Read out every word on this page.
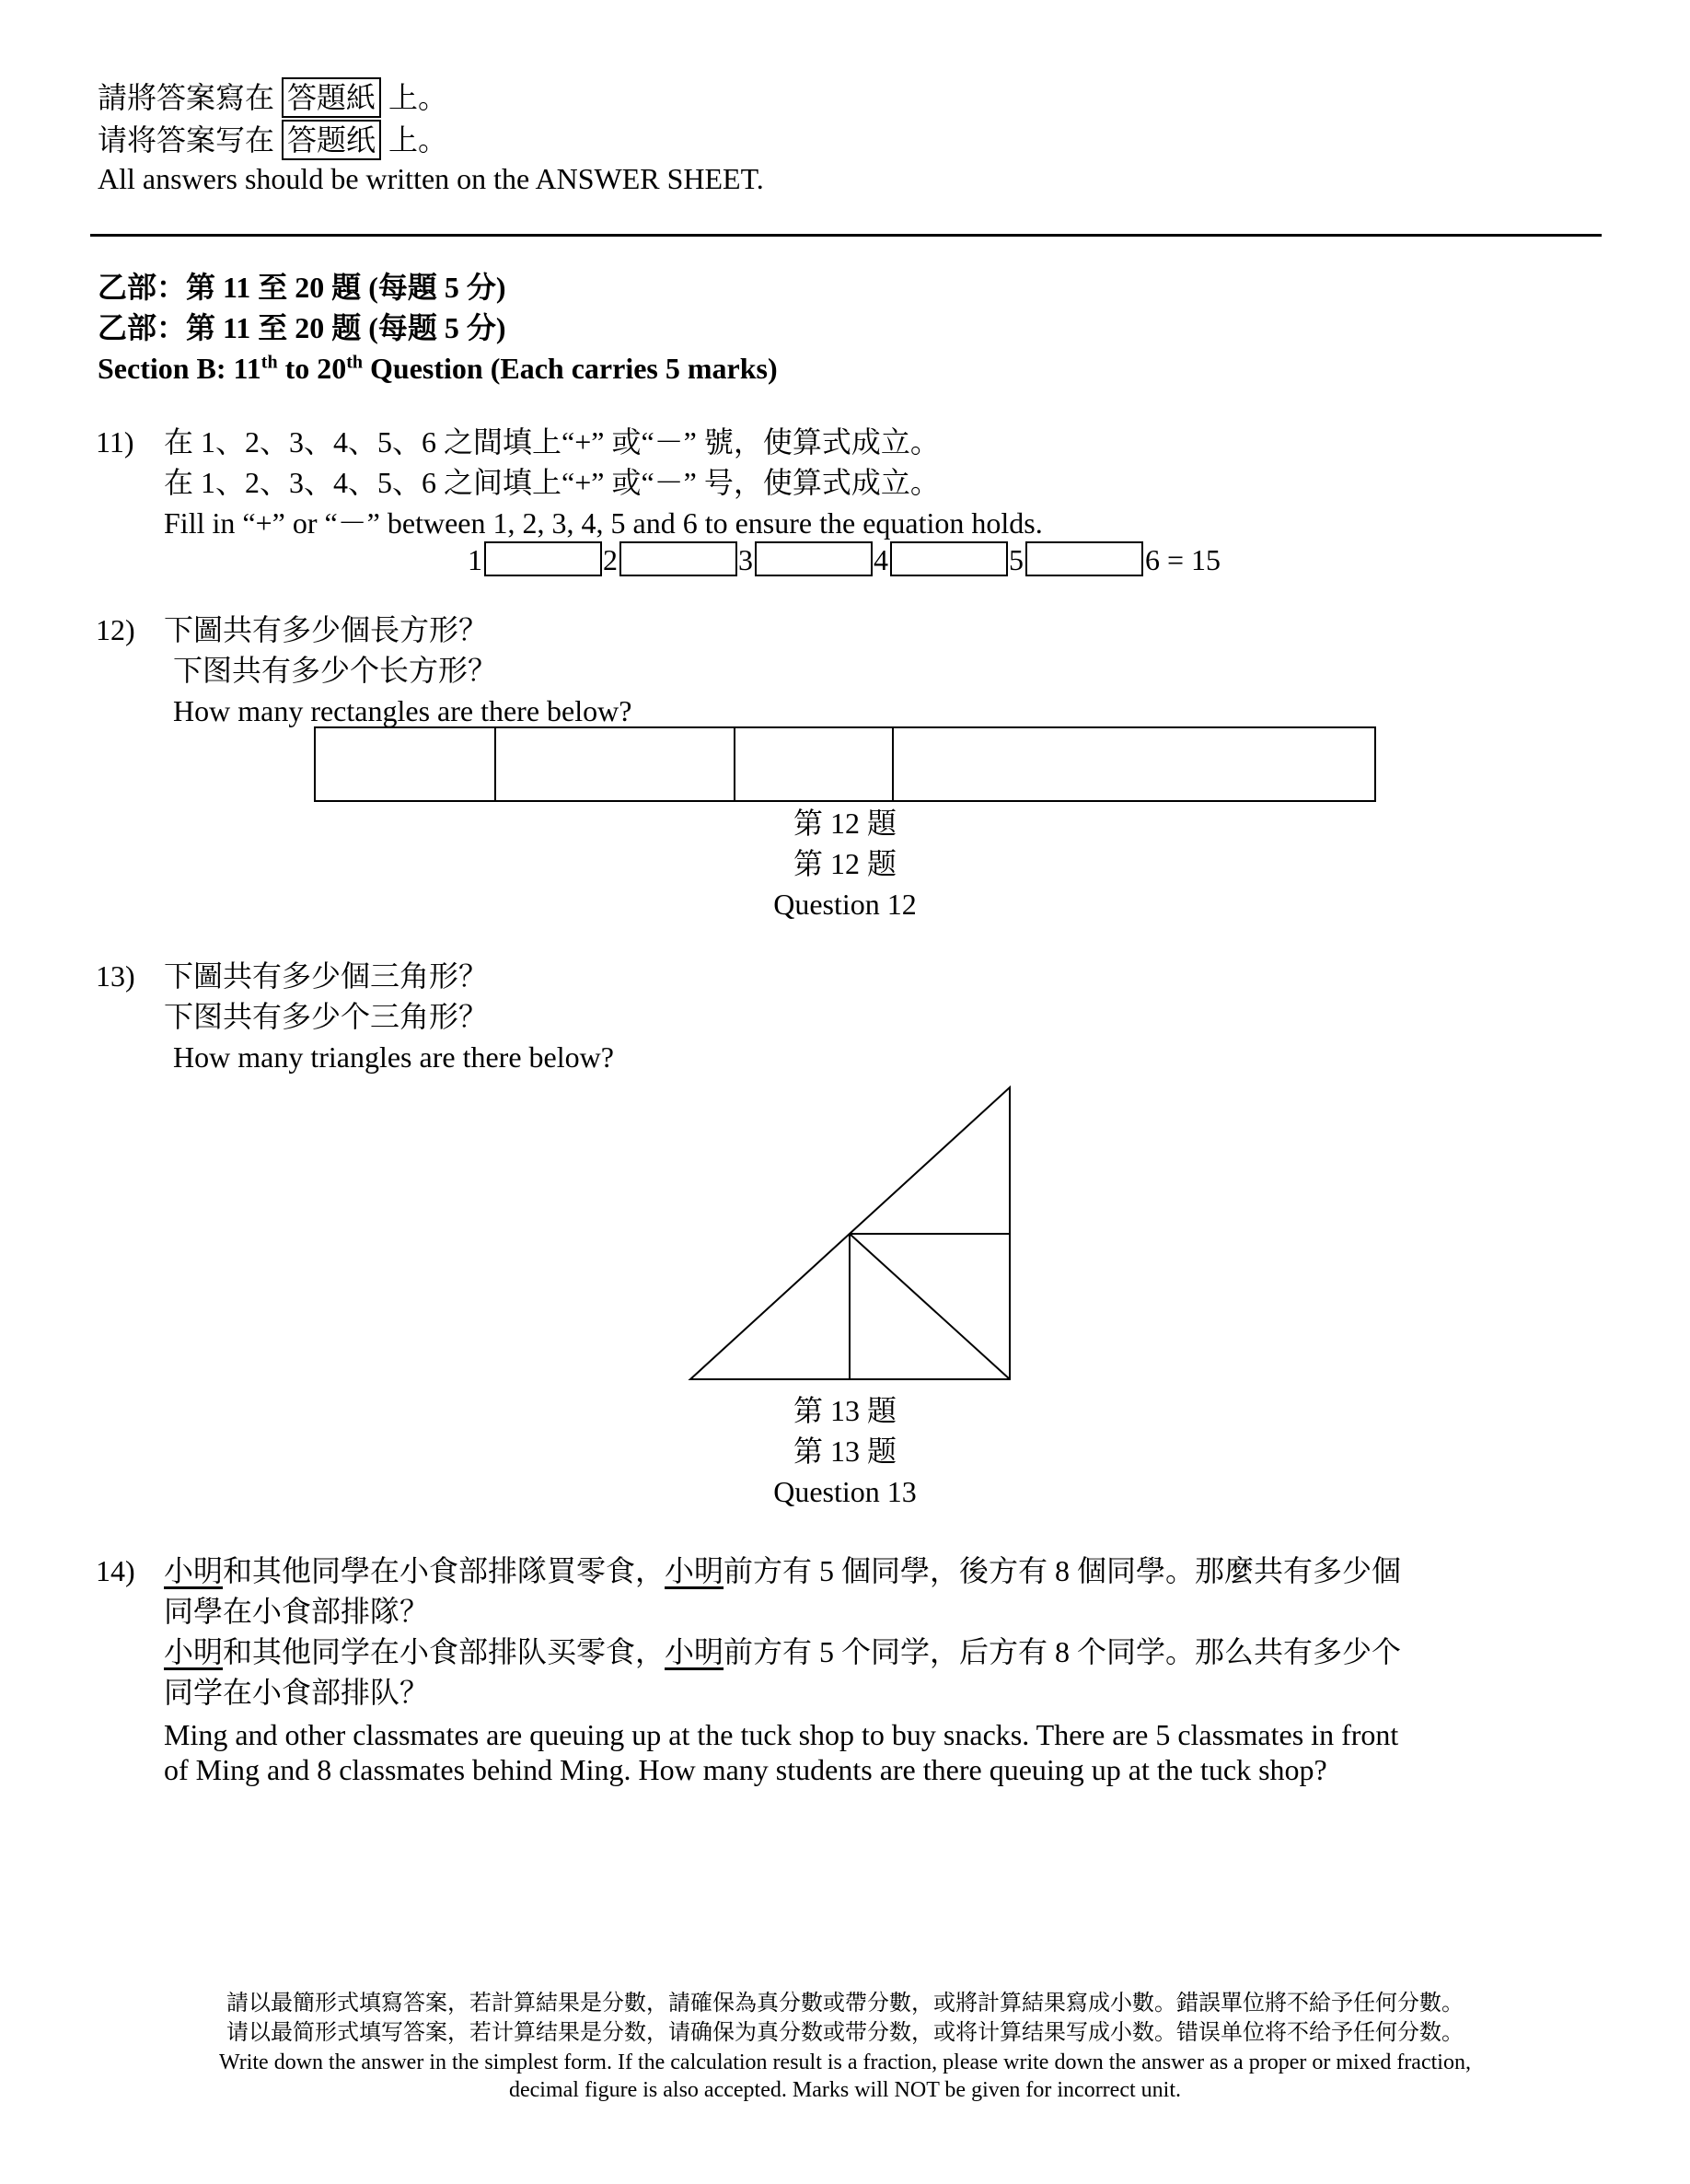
請將答案寫在 答題紙 上。
请将答案写在 答题纸 上。
All answers should be written on the ANSWER SHEET.
乙部：第 11 至 20 題 (每題 5 分)
乙部：第 11 至 20 题 (每题 5 分)
Section B: 11th to 20th Question (Each carries 5 marks)
11) 在 1、2、3、4、5、6 之間填上“+” 或“－” 號，使算式成立。
在 1、2、3、4、5、6 之间填上“+” 或“－” 号，使算式成立。
Fill in “+” or “－” between 1, 2, 3, 4, 5 and 6 to ensure the equation holds.
1	2	3	4	5	6 = 15
12) 下圖共有多少個長方形？
下图共有多少个长方形？
How many rectangles are there below?
第 12 題
第 12 题
Question 12
13) 下圖共有多少個三角形？
下图共有多少个三角形？
How many triangles are there below?
第 13 題
第 13 题
Question 13
14) 小明和其他同學在小食部排隊買零食，小明前方有 5 個同學，後方有 8 個同學。那麼共有多少個
同學在小食部排隊？
小明和其他同学在小食部排队买零食，小明前方有 5 个同学，后方有 8 个同学。那么共有多少个
同学在小食部排队？
Ming and other classmates are queuing up at the tuck shop to buy snacks. There are 5 classmates in front
of Ming and 8 classmates behind Ming. How many students are there queuing up at the tuck shop?
請以最簡形式填寫答案，若計算結果是分數，請確保為真分數或帶分數，或將計算結果寫成小數。錯誤單位將不給予任何分數。
请以最简形式填写答案，若计算结果是分数，请确保为真分数或带分数，或将计算结果写成小数。错误单位将不给予任何分数。
Write down the answer in the simplest form. If the calculation result is a fraction, please write down the answer as a proper or mixed fraction,
decimal figure is also accepted. Marks will NOT be given for incorrect unit.
